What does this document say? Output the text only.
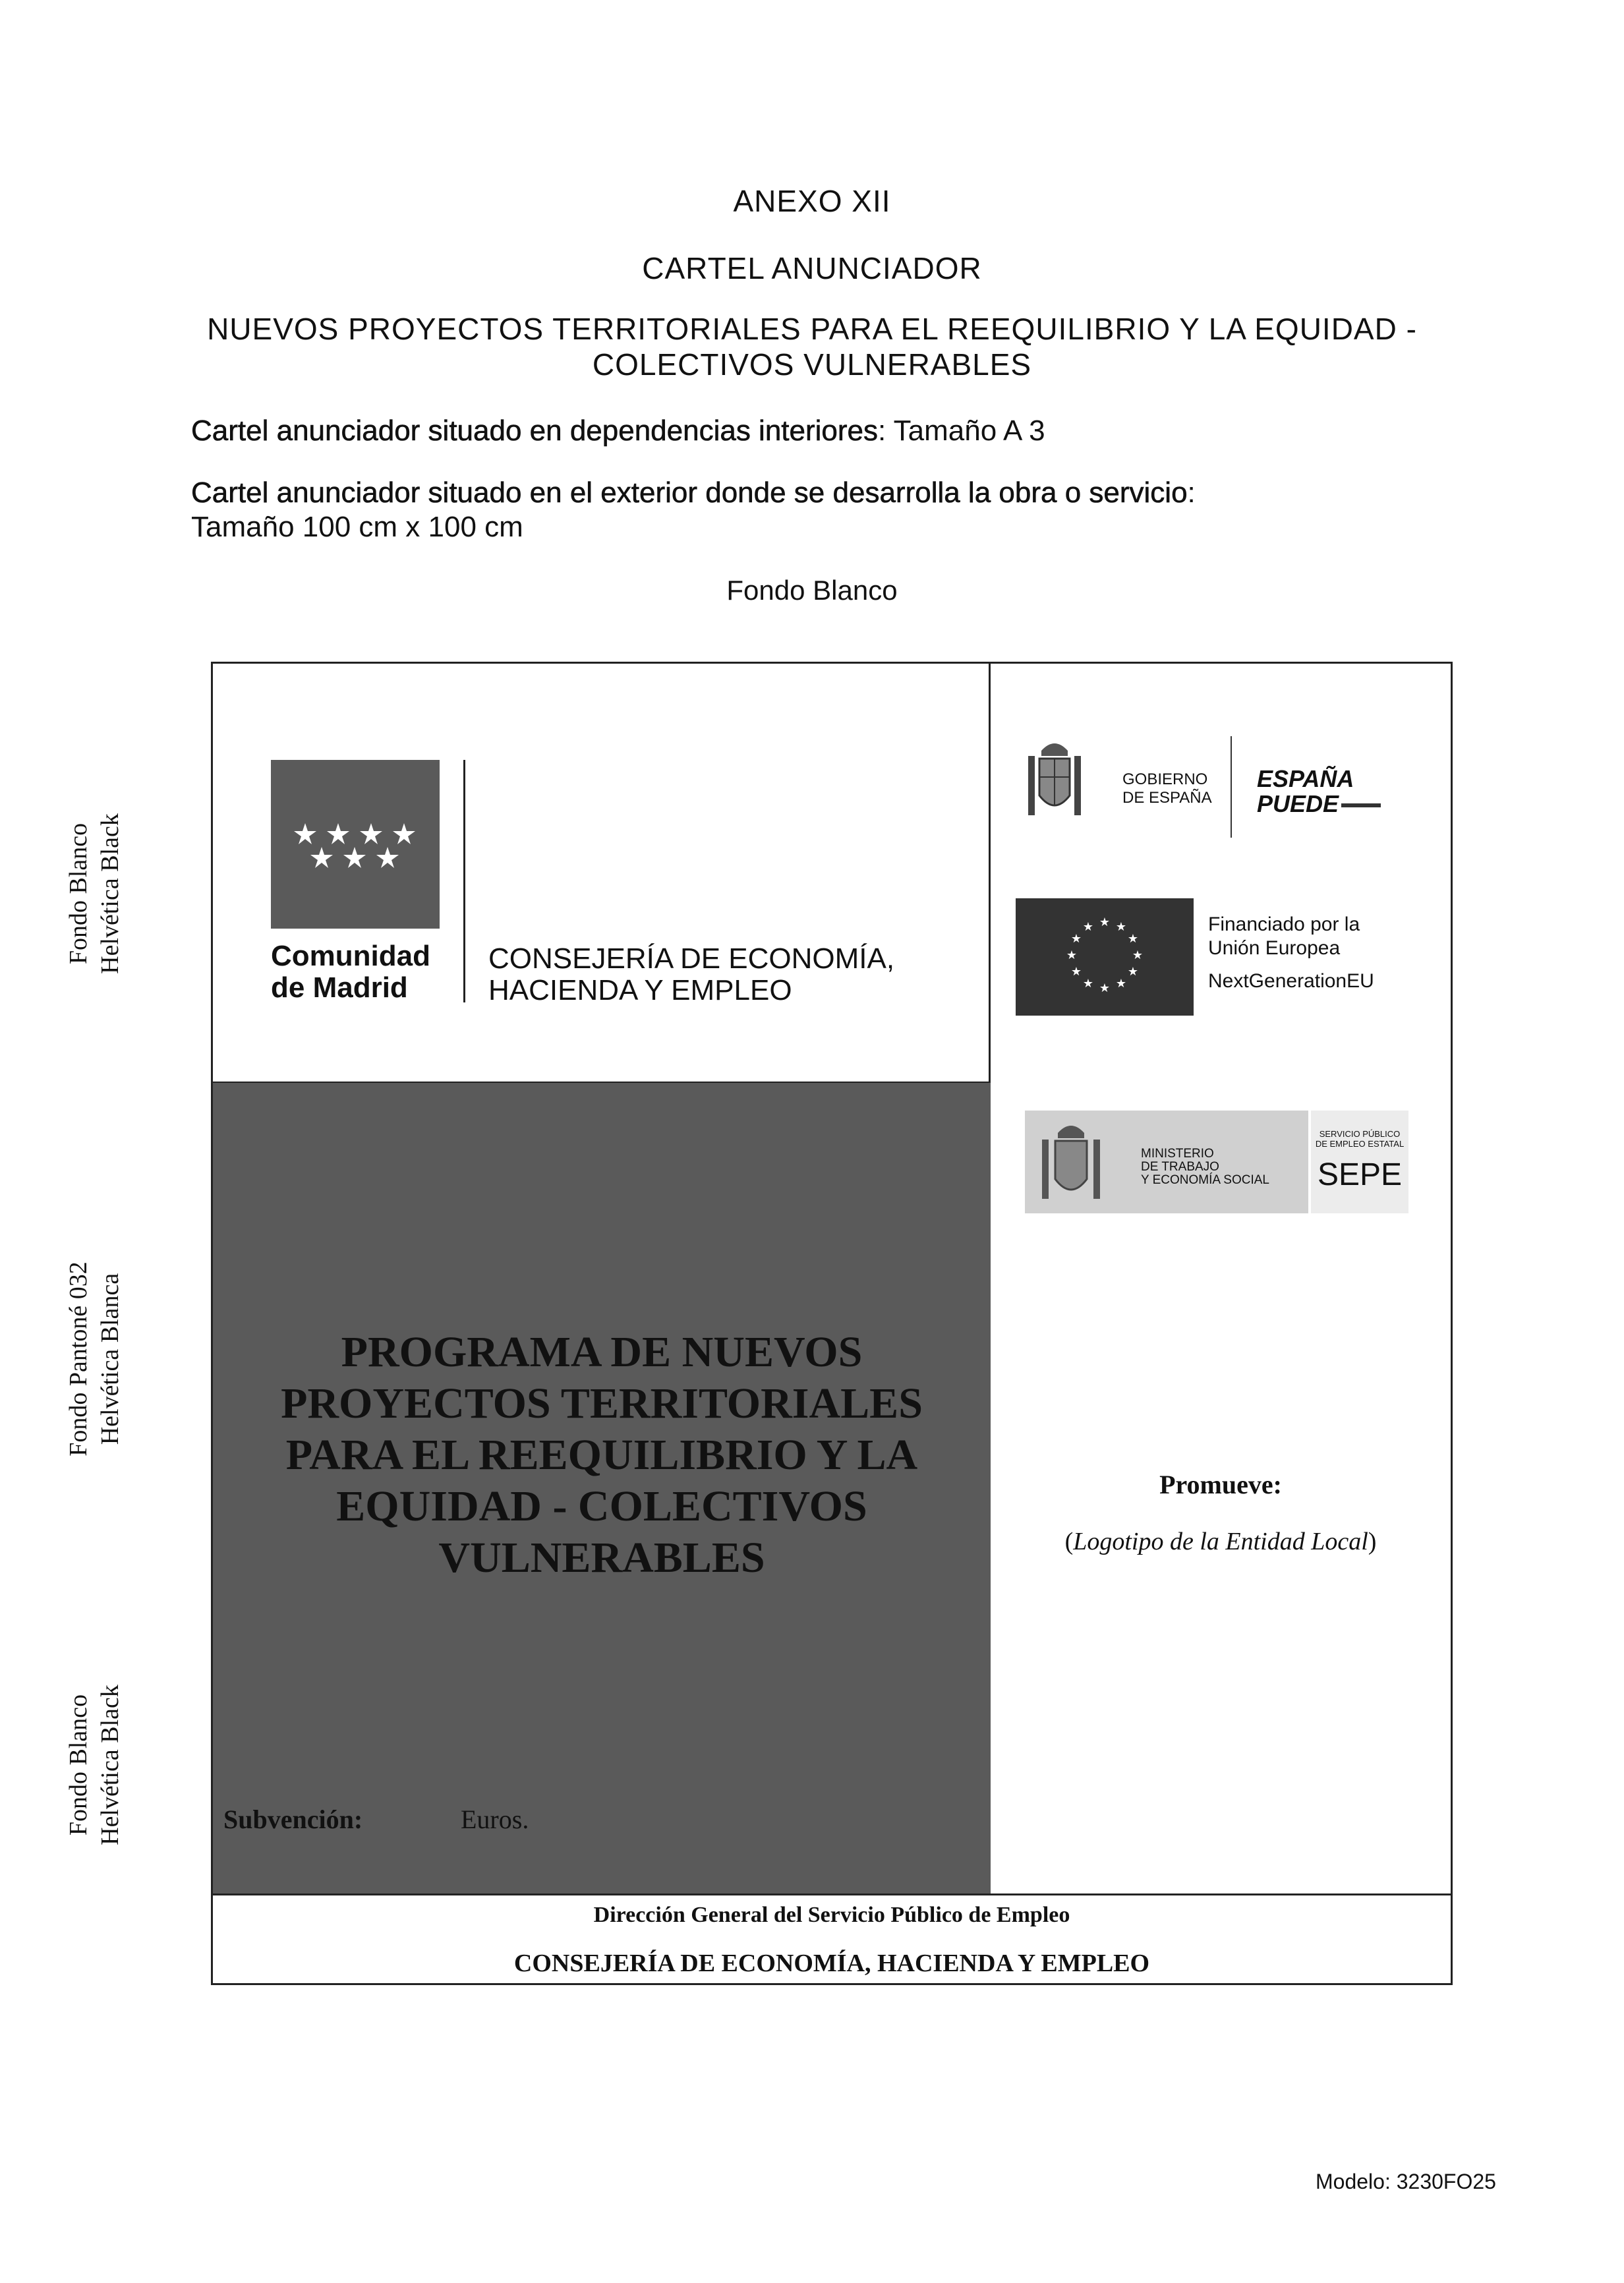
ANEXO XII
CARTEL ANUNCIADOR
NUEVOS PROYECTOS TERRITORIALES PARA EL REEQUILIBRIO Y LA EQUIDAD -
COLECTIVOS VULNERABLES
Cartel anunciador situado en dependencias interiores: Tamaño A 3
Cartel anunciador situado en el exterior donde se desarrolla la obra o servicio:
Tamaño 100 cm x 100 cm
Fondo Blanco
Fondo Blanco Helvética Black
Fondo Pantoné 032 Helvética Blanca
Fondo Blanco Helvética Black
Comunidad
de Madrid
CONSEJERÍA DE ECONOMÍA,
HACIENDA Y EMPLEO
GOBIERNO
DE ESPAÑA
ESPAÑA
PUEDE
★ ★
★
★
★
★
★
★
★
★
★
★	Financiado por la
Unión Europea
NextGenerationEU
MINISTERIO
DE TRABAJO
Y ECONOMÍA SOCIAL
SERVICIO PÚBLICO
DE EMPLEO ESTATAL
SEPE
PROGRAMA DE NUEVOS
PROYECTOS TERRITORIALES
PARA EL REEQUILIBRIO Y LA
EQUIDAD - COLECTIVOS
VULNERABLES
Subvención:	Euros.
Promueve:
(Logotipo de la Entidad Local)
Dirección General del Servicio Público de Empleo
CONSEJERÍA DE ECONOMÍA, HACIENDA Y EMPLEO
Modelo: 3230FO25
